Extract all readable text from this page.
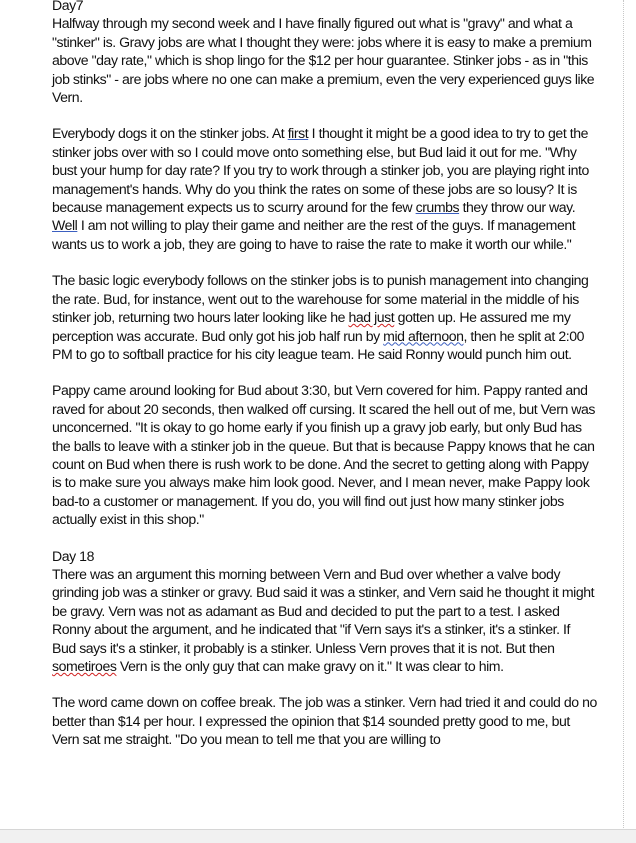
Day7

Halfway through my second week and I have finally figured out what is "gravy" and what a "stinker" is. Gravy jobs are what I thought they were: jobs where it is easy to make a premium above "day rate," which is shop lingo for the $12 per hour guarantee. Stinker jobs - as in "this job stinks" - are jobs where no one can make a premium, even the very experienced guys like Vern.

Everybody dogs it on the stinker jobs. At first I thought it might be a good idea to try to get the stinker jobs over with so I could move onto something else, but Bud laid it out for me. "Why bust your hump for day rate? If you try to work through a stinker job, you are playing right into management's hands. Why do you think the rates on some of these jobs are so lousy? It is because management expects us to scurry around for the few crumbs they throw our way. Well I am not willing to play their game and neither are the rest of the guys. If management wants us to work a job, they are going to have to raise the rate to make it worth our while."

The basic logic everybody follows on the stinker jobs is to punish management into changing the rate. Bud, for instance, went out to the warehouse for some material in the middle of his stinker job, returning two hours later looking like he had just gotten up. He assured me my perception was accurate. Bud only got his job half run by mid afternoon, then he split at 2:00 PM to go to softball practice for his city league team. He said Ronny would punch him out.

Pappy came around looking for Bud about 3:30, but Vern covered for him. Pappy ranted and raved for about 20 seconds, then walked off cursing. It scared the hell out of me, but Vern was unconcerned. "It is okay to go home early if you finish up a gravy job early, but only Bud has the balls to leave with a stinker job in the queue. But that is because Pappy knows that he can count on Bud when there is rush work to be done. And the secret to getting along with Pappy is to make sure you always make him look good. Never, and I mean never, make Pappy look bad-to a customer or management. If you do, you will find out just how many stinker jobs actually exist in this shop."

Day 18

There was an argument this morning between Vern and Bud over whether a valve body grinding job was a stinker or gravy. Bud said it was a stinker, and Vern said he thought it might be gravy. Vern was not as adamant as Bud and decided to put the part to a test. I asked Ronny about the argument, and he indicated that "if Vern says it's a stinker, it's a stinker. If Bud says it's a stinker, it probably is a stinker. Unless Vern proves that it is not. But then sometiroes Vern is the only guy that can make gravy on it." It was clear to him.

The word came down on coffee break. The job was a stinker. Vern had tried it and could do no better than $14 per hour. I expressed the opinion that $14 sounded pretty good to me, but Vern sat me straight. "Do you mean to tell me that you are willing to
